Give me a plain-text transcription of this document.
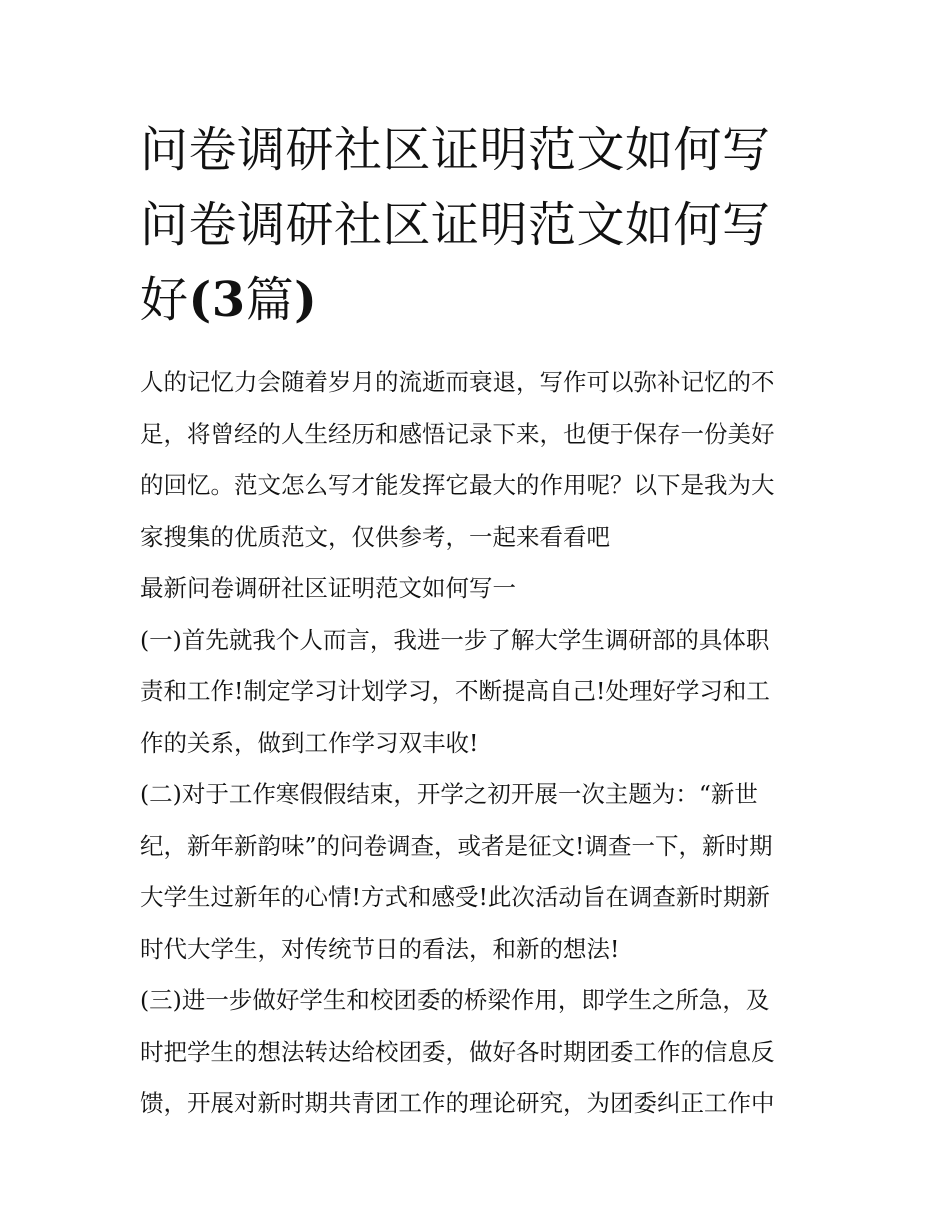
问卷调研社区证明范文如何写
问卷调研社区证明范文如何写
好(3篇)
人的记忆力会随着岁月的流逝而衰退，写作可以弥补记忆的不
足，将曾经的人生经历和感悟记录下来，也便于保存一份美好
的回忆。范文怎么写才能发挥它最大的作用呢？以下是我为大
家搜集的优质范文，仅供参考，一起来看看吧
最新问卷调研社区证明范文如何写一
(一)首先就我个人而言，我进一步了解大学生调研部的具体职
责和工作!制定学习计划学习，不断提高自己!处理好学习和工
作的关系，做到工作学习双丰收!
(二)对于工作寒假假结束，开学之初开展一次主题为：“新世
纪，新年新韵味”的问卷调查，或者是征文!调查一下，新时期
大学生过新年的心情!方式和感受!此次活动旨在调查新时期新
时代大学生，对传统节日的看法，和新的想法!
(三)进一步做好学生和校团委的桥梁作用，即学生之所急，及
时把学生的想法转达给校团委，做好各时期团委工作的信息反
馈，开展对新时期共青团工作的理论研究，为团委纠正工作中
